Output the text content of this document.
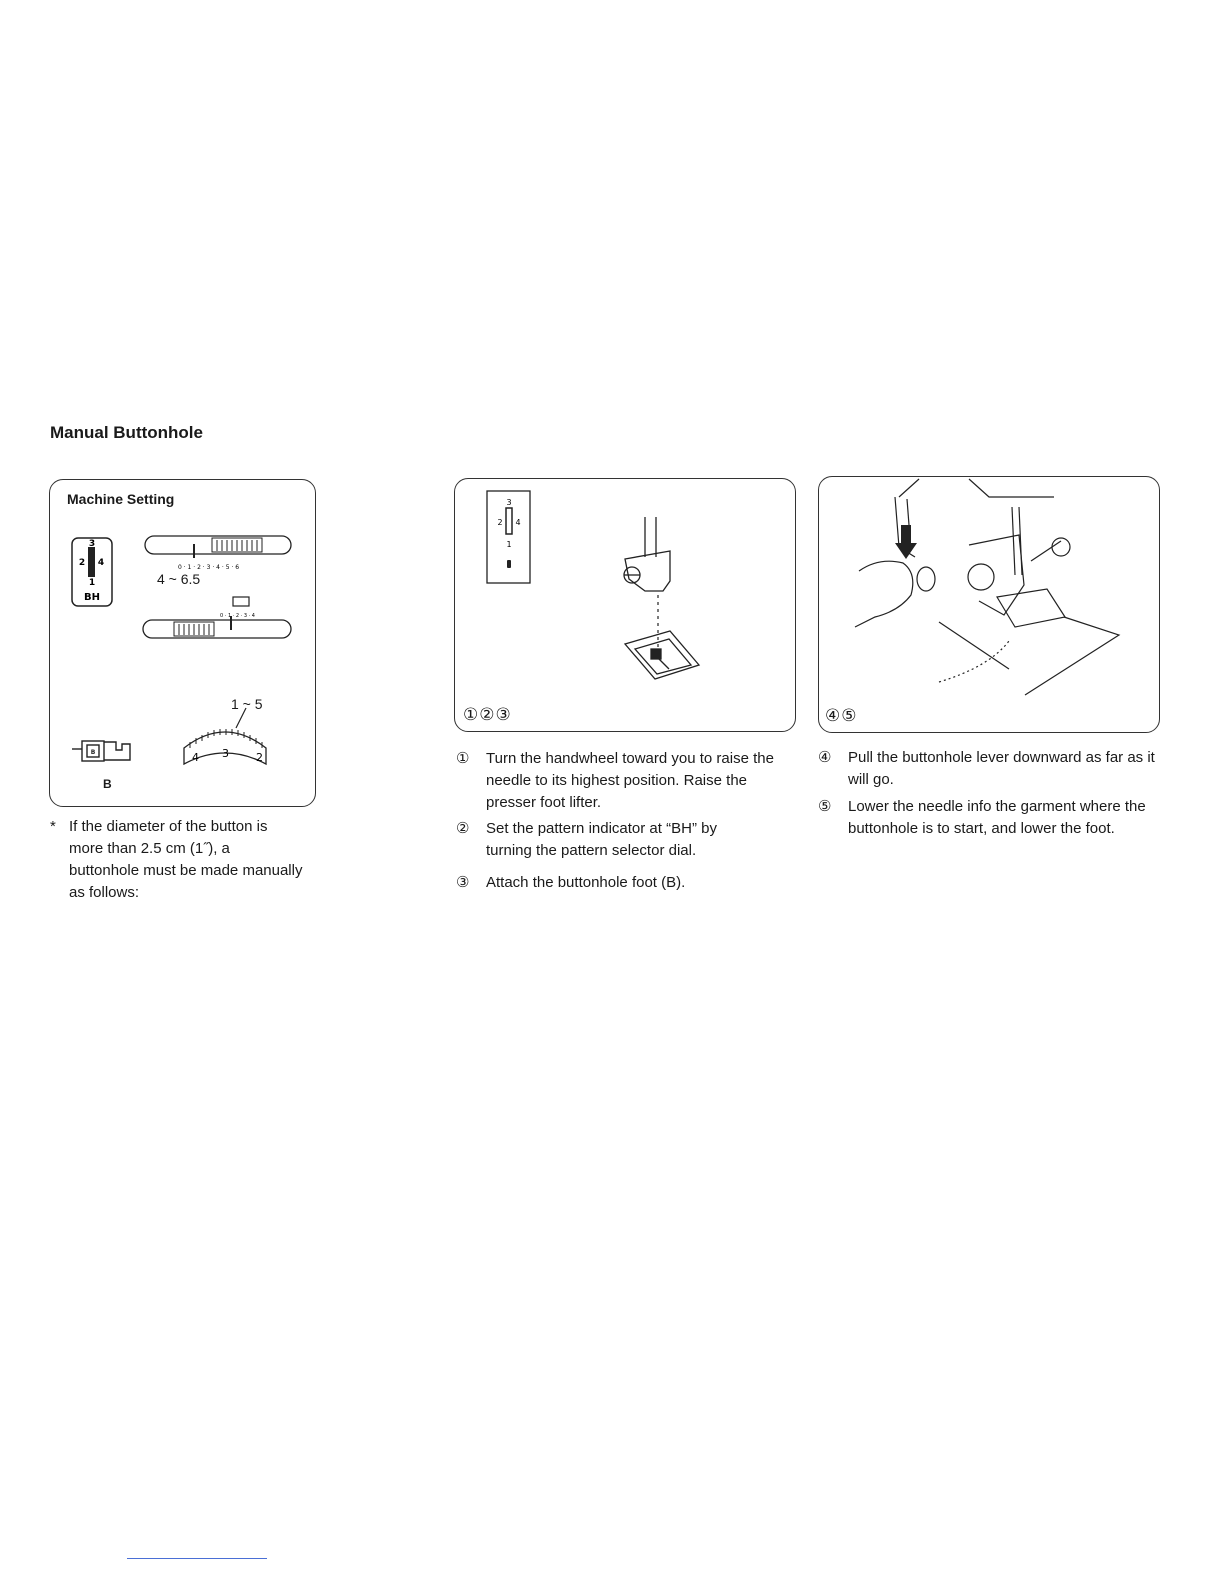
Manual Buttonhole
Machine Setting
3
2 4
1
BH
0 · 1 · 2 · 3 · 4 · 5 · 6
0 · 1 · 2 · 3 · 4
4 3 2
B
4 ~ 6.5
1 ~ 5
B
3
2 4
1
①②③	④⑤
* If the diameter of the button is more than 2.5 cm (1˝), a buttonhole must be made manually as follows:
① Turn the handwheel toward you to raise the needle to its highest position. Raise the presser foot lifter.
② Set the pattern indicator at “BH” by turning the pattern selector dial.
③ Attach the buttonhole foot (B).
④ Pull the buttonhole lever downward as far as it will go.
⑤ Lower the needle info the garment where the buttonhole is to start, and lower the foot.
